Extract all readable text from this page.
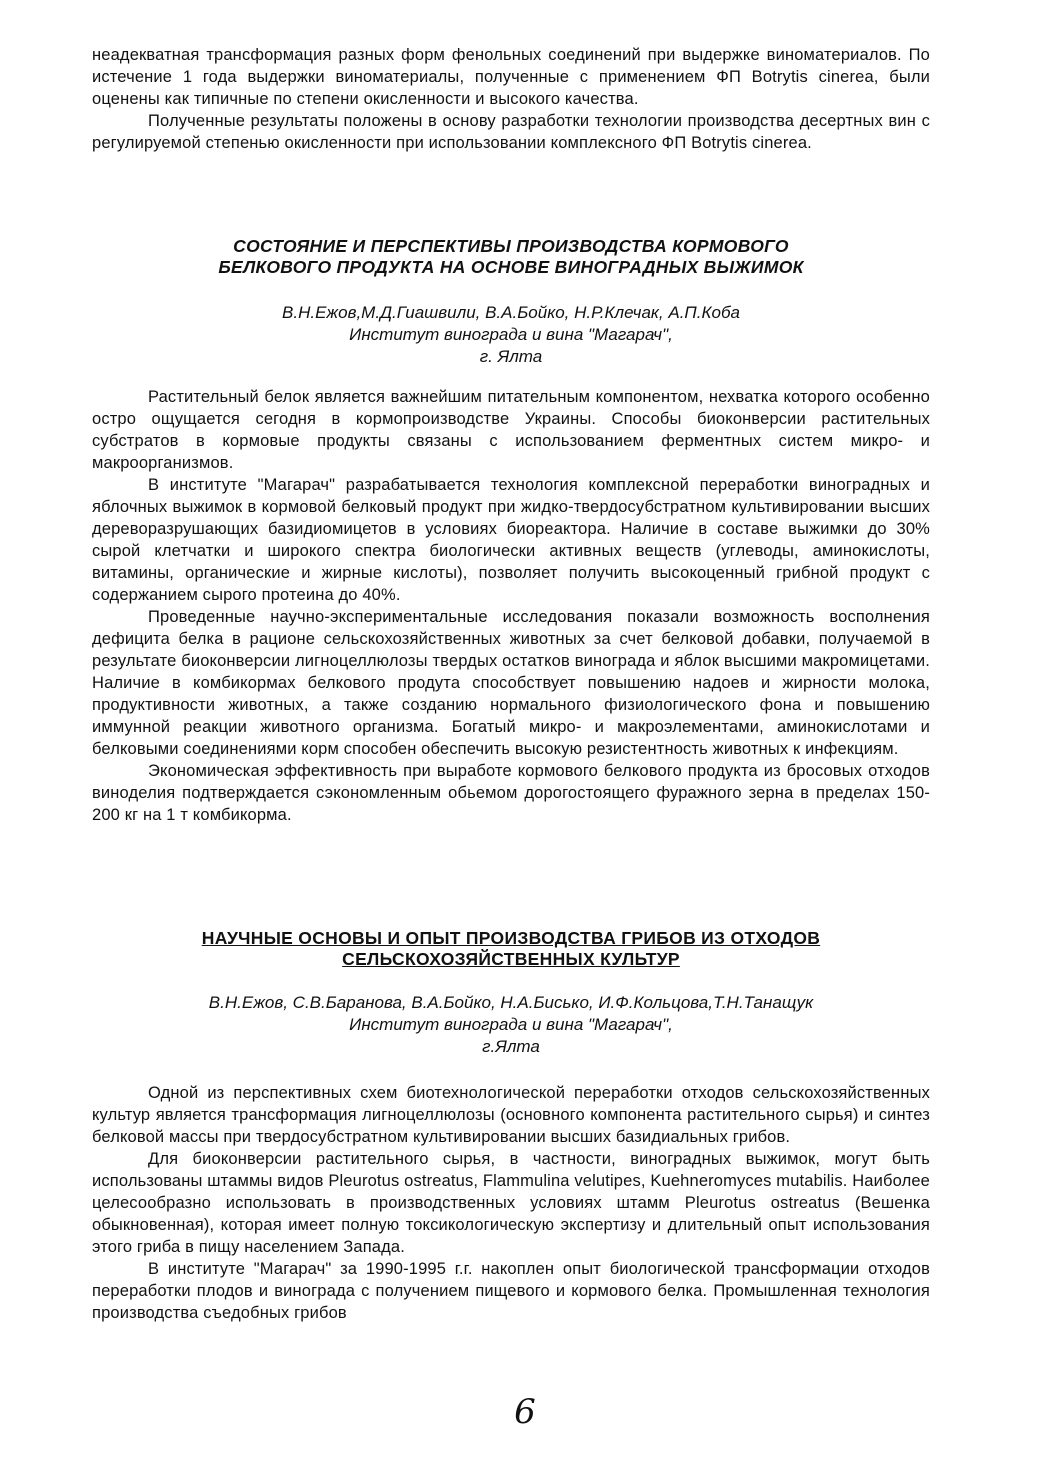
неадекватная трансформация разных форм фенольных соединений при выдержке виноматериалов. По истечение 1 года выдержки виноматериалы, полученные с применением ФП Botrytis cinerea, были оценены как типичные по степени окисленности и высокого качества.

Полученные результаты положены в основу разработки технологии производства десертных вин с регулируемой степенью окисленности при использовании комплексного ФП Botrytis cinerea.

СОСТОЯНИЕ И ПЕРСПЕКТИВЫ ПРОИЗВОДСТВА КОРМОВОГО

БЕЛКОВОГО ПРОДУКТА НА ОСНОВЕ ВИНОГРАДНЫХ ВЫЖИМОК

В.Н.Ежов,М.Д.Гиашвили, В.А.Бойко, Н.Р.Клечак, А.П.Коба

Институт винограда и вина "Магарач",

г. Ялта

Растительный белок является важнейшим питательным компонентом, нехватка которого особенно остро ощущается сегодня в кормопроизводстве Украины. Способы биоконверсии растительных субстратов в кормовые продукты связаны с использованием ферментных систем микро- и макроорганизмов.

В институте "Магарач" разрабатывается технология комплексной переработки виноградных и яблочных выжимок в кормовой белковый продукт при жидко-твердосубстратном культивировании высших дереворазрушающих базидиомицетов в условиях биореактора. Наличие в составе выжимки до 30% сырой клетчатки и широкого спектра биологически активных веществ (углеводы, аминокислоты, витамины, органические и жирные кислоты), позволяет получить высокоценный грибной продукт с содержанием сырого протеина до 40%.

Проведенные научно-экспериментальные исследования показали возможность восполнения дефицита белка в рационе сельскохозяйственных животных за счет белковой добавки, получаемой в результате биоконверсии лигноцеллюлозы твердых остатков винограда и яблок высшими макромицетами. Наличие в комбикормах белкового продута способствует повышению надоев и жирности молока, продуктивности животных, а также созданию нормального физиологического фона и повышению иммунной реакции животного организма. Богатый микро- и макроэлементами, аминокислотами и белковыми соединениями корм способен обеспечить высокую резистентность животных к инфекциям.

Экономическая эффективность при выработе кормового белкового продукта из бросовых отходов виноделия подтверждается сэкономленным обьемом дорогостоящего фуражного зерна в пределах 150-200 кг на 1 т комбикорма.

НАУЧНЫЕ ОСНОВЫ И ОПЫТ ПРОИЗВОДСТВА ГРИБОВ ИЗ ОТХОДОВ

СЕЛЬСКОХОЗЯЙСТВЕННЫХ КУЛЬТУР

В.Н.Ежов, С.В.Баранова, В.А.Бойко, Н.А.Бисько, И.Ф.Кольцова,Т.Н.Танащук

Институт винограда и вина "Магарач",

г.Ялта

Одной из перспективных схем биотехнологической переработки отходов сельскохозяйственных культур является трансформация лигноцеллюлозы (основного компонента растительного сырья) и синтез белковой массы при твердосубстратном культивировании высших базидиальных грибов.

Для биоконверсии растительного сырья, в частности, виноградных выжимок, могут быть использованы штаммы видов Pleurotus ostreatus, Flammulina velutipes, Kuehneromyces mutabilis. Наиболее целесообразно использовать в производственных условиях штамм Pleurotus ostreatus (Вешенка обыкновенная), которая имеет полную токсикологическую экспертизу и длительный опыт использования этого гриба в пищу населением Запада.

В институте "Магарач" за 1990-1995 г.г. накоплен опыт биологической трансформации отходов переработки плодов и винограда с получением пищевого и кормового белка. Промышленная технология производства съедобных грибов

6
